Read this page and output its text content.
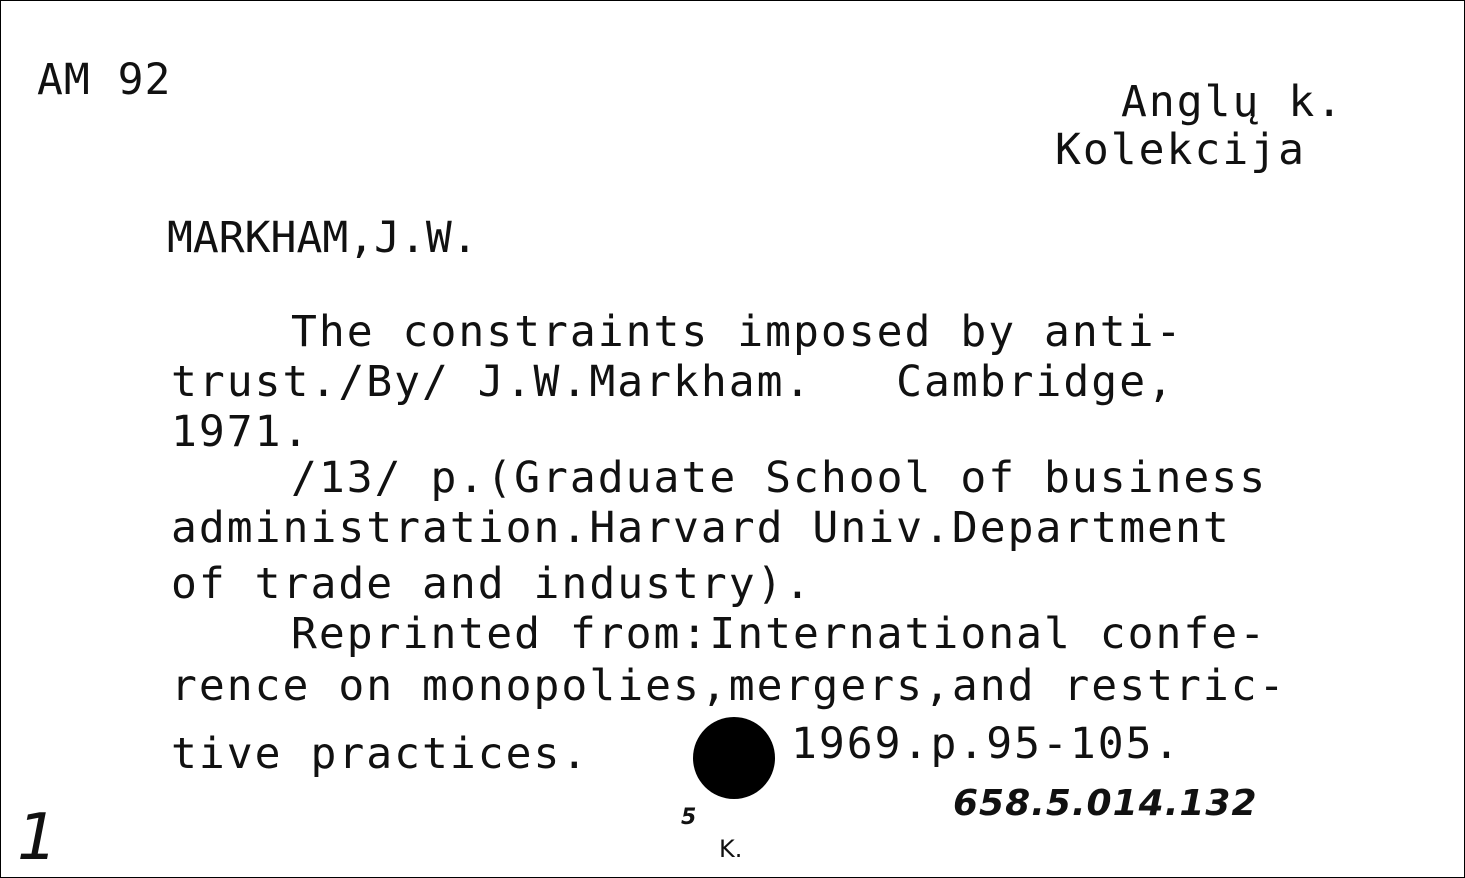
AM 92	Anglų k.
Kolekcija
MARKHAM,J.W.
The constraints imposed by anti-
trust./By/ J.W.Markham.   Cambridge,
1971.
/13/ p.(Graduate School of business
administration.Harvard Univ.Department
of trade and industry).
Reprinted from:International confe-
rence on monopolies,mergers,and restric-
tive practices.	1969.p.95-105.
658.5.014.132
1	5
K.
